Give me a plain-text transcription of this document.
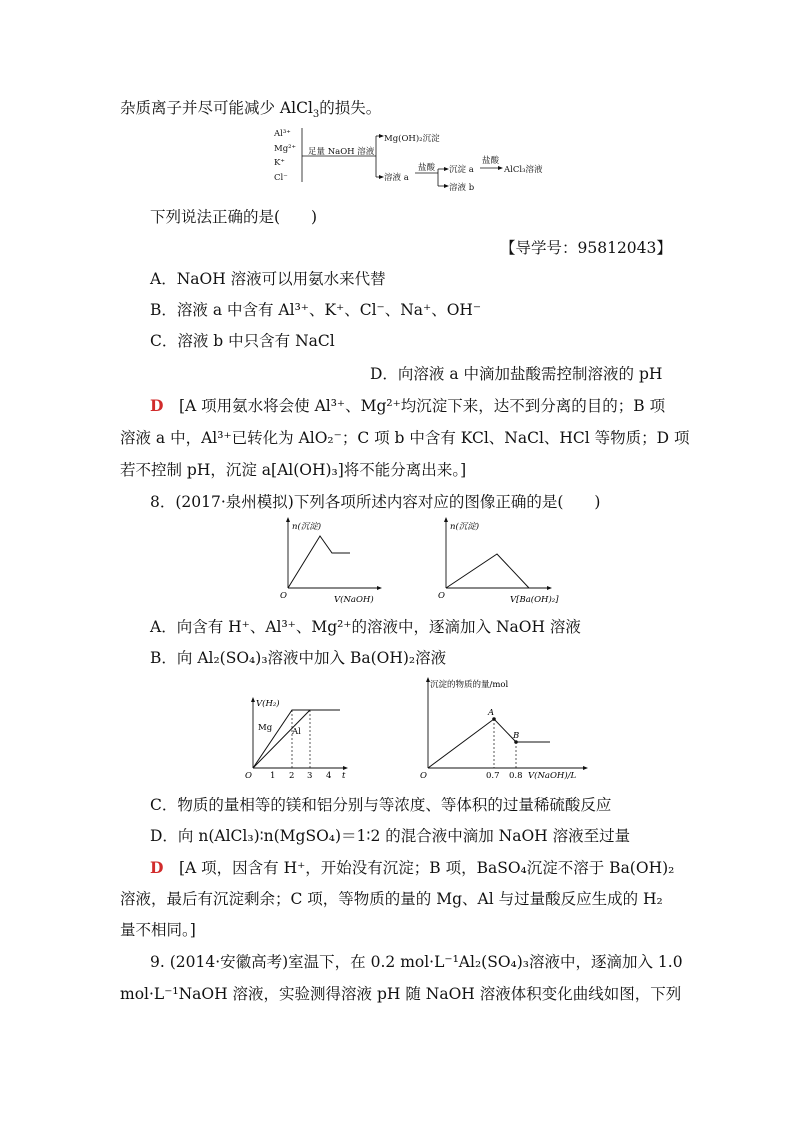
杂质离子并尽可能减少 AlCl$_3$的损失。
Al³⁺
Mg²⁺
K⁺
Cl⁻
足量 NaOH 溶液
Mg(OH)₂沉淀
溶液 a
盐酸 沉淀 a
盐酸
AlCl₃溶液
溶液 b
下列说法正确的是(　　)
【导学号：95812043】
A．NaOH 溶液可以用氨水来代替
B．溶液 a 中含有 Al³⁺、K⁺、Cl⁻、Na⁺、OH⁻
C．溶液 b 中只含有 NaCl
D．向溶液 a 中滴加盐酸需控制溶液的 pH
D　 [A 项用氨水将会使 Al³⁺、Mg²⁺均沉淀下来，达不到分离的目的；B 项
溶液 a 中，Al³⁺已转化为 AlO₂⁻；C 项 b 中含有 KCl、NaCl、HCl 等物质；D 项
若不控制 pH，沉淀 a[Al(OH)₃]将不能分离出来。]
8．(2017·泉州模拟)下列各项所述内容对应的图像正确的是(　　)
n(沉淀)
O	V(NaOH)
n(沉淀)
O	V[Ba(OH)₂]
A．向含有 H⁺、Al³⁺、Mg²⁺的溶液中，逐滴加入 NaOH 溶液
B．向 Al₂(SO₄)₃溶液中加入 Ba(OH)₂溶液
V(H₂)
Mg Al
O 1 2 3 4 t
沉淀的物质的量/mol
A
B
O	0.7 0.8 V(NaOH)/L
C．物质的量相等的镁和铝分别与等浓度、等体积的过量稀硫酸反应
D．向 n(AlCl₃)∶n(MgSO₄)＝1∶2 的混合液中滴加 NaOH 溶液至过量
D　 [A 项，因含有 H⁺，开始没有沉淀；B 项，BaSO₄沉淀不溶于 Ba(OH)₂
溶液，最后有沉淀剩余；C 项，等物质的量的 Mg、Al 与过量酸反应生成的 H₂
量不相同。]
9. (2014·安徽高考)室温下，在 0.2 mol·L⁻¹Al₂(SO₄)₃溶液中，逐滴加入 1.0
mol·L⁻¹NaOH 溶液，实验测得溶液 pH 随 NaOH 溶液体积变化曲线如图，下列
